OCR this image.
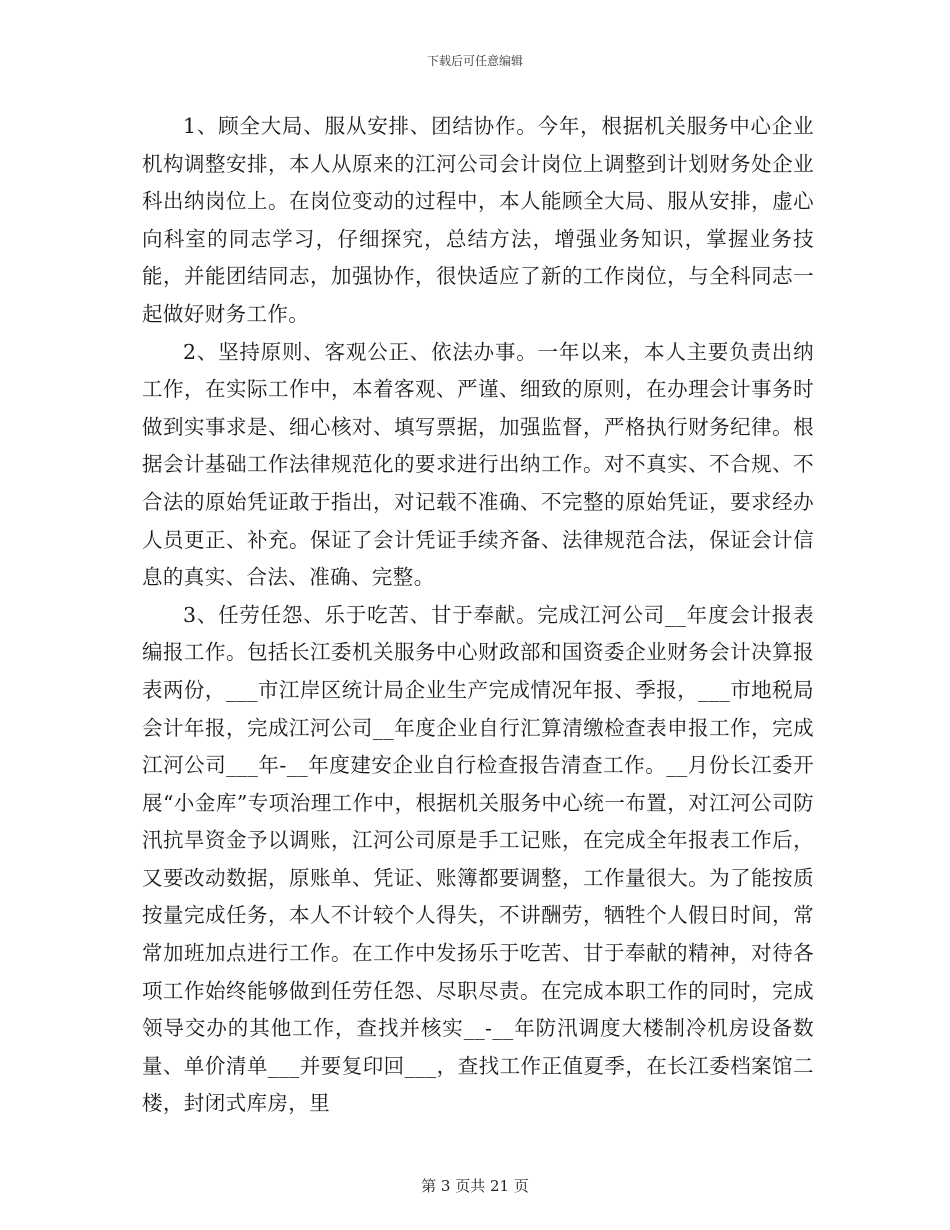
下载后可任意编辑

1、顾全大局、服从安排、团结协作。今年，根据机关服务中心企业机构调整安排，本人从原来的江河公司会计岗位上调整到计划财务处企业科出纳岗位上。在岗位变动的过程中，本人能顾全大局、服从安排，虚心向科室的同志学习，仔细探究，总结方法，增强业务知识，掌握业务技能，并能团结同志，加强协作，很快适应了新的工作岗位，与全科同志一起做好财务工作。

2、坚持原则、客观公正、依法办事。一年以来，本人主要负责出纳工作，在实际工作中，本着客观、严谨、细致的原则，在办理会计事务时做到实事求是、细心核对、填写票据，加强监督，严格执行财务纪律。根据会计基础工作法律规范化的要求进行出纳工作。对不真实、不合规、不合法的原始凭证敢于指出，对记载不准确、不完整的原始凭证，要求经办人员更正、补充。保证了会计凭证手续齐备、法律规范合法，保证会计信息的真实、合法、准确、完整。

3、任劳任怨、乐于吃苦、甘于奉献。完成江河公司__年度会计报表编报工作。包括长江委机关服务中心财政部和国资委企业财务会计决算报表两份，___市江岸区统计局企业生产完成情况年报、季报，___市地税局会计年报，完成江河公司__年度企业自行汇算清缴检查表申报工作，完成江河公司___年-__年度建安企业自行检查报告清查工作。__月份长江委开展“小金库”专项治理工作中，根据机关服务中心统一布置，对江河公司防汛抗旱资金予以调账，江河公司原是手工记账，在完成全年报表工作后，又要改动数据，原账单、凭证、账簿都要调整，工作量很大。为了能按质按量完成任务，本人不计较个人得失，不讲酬劳，牺牲个人假日时间，常常加班加点进行工作。在工作中发扬乐于吃苦、甘于奉献的精神，对待各项工作始终能够做到任劳任怨、尽职尽责。在完成本职工作的同时，完成领导交办的其他工作，查找并核实__-__年防汛调度大楼制冷机房设备数量、单价清单___并要复印回___，查找工作正值夏季，在长江委档案馆二楼，封闭式库房，里

第 3 页共 21 页
